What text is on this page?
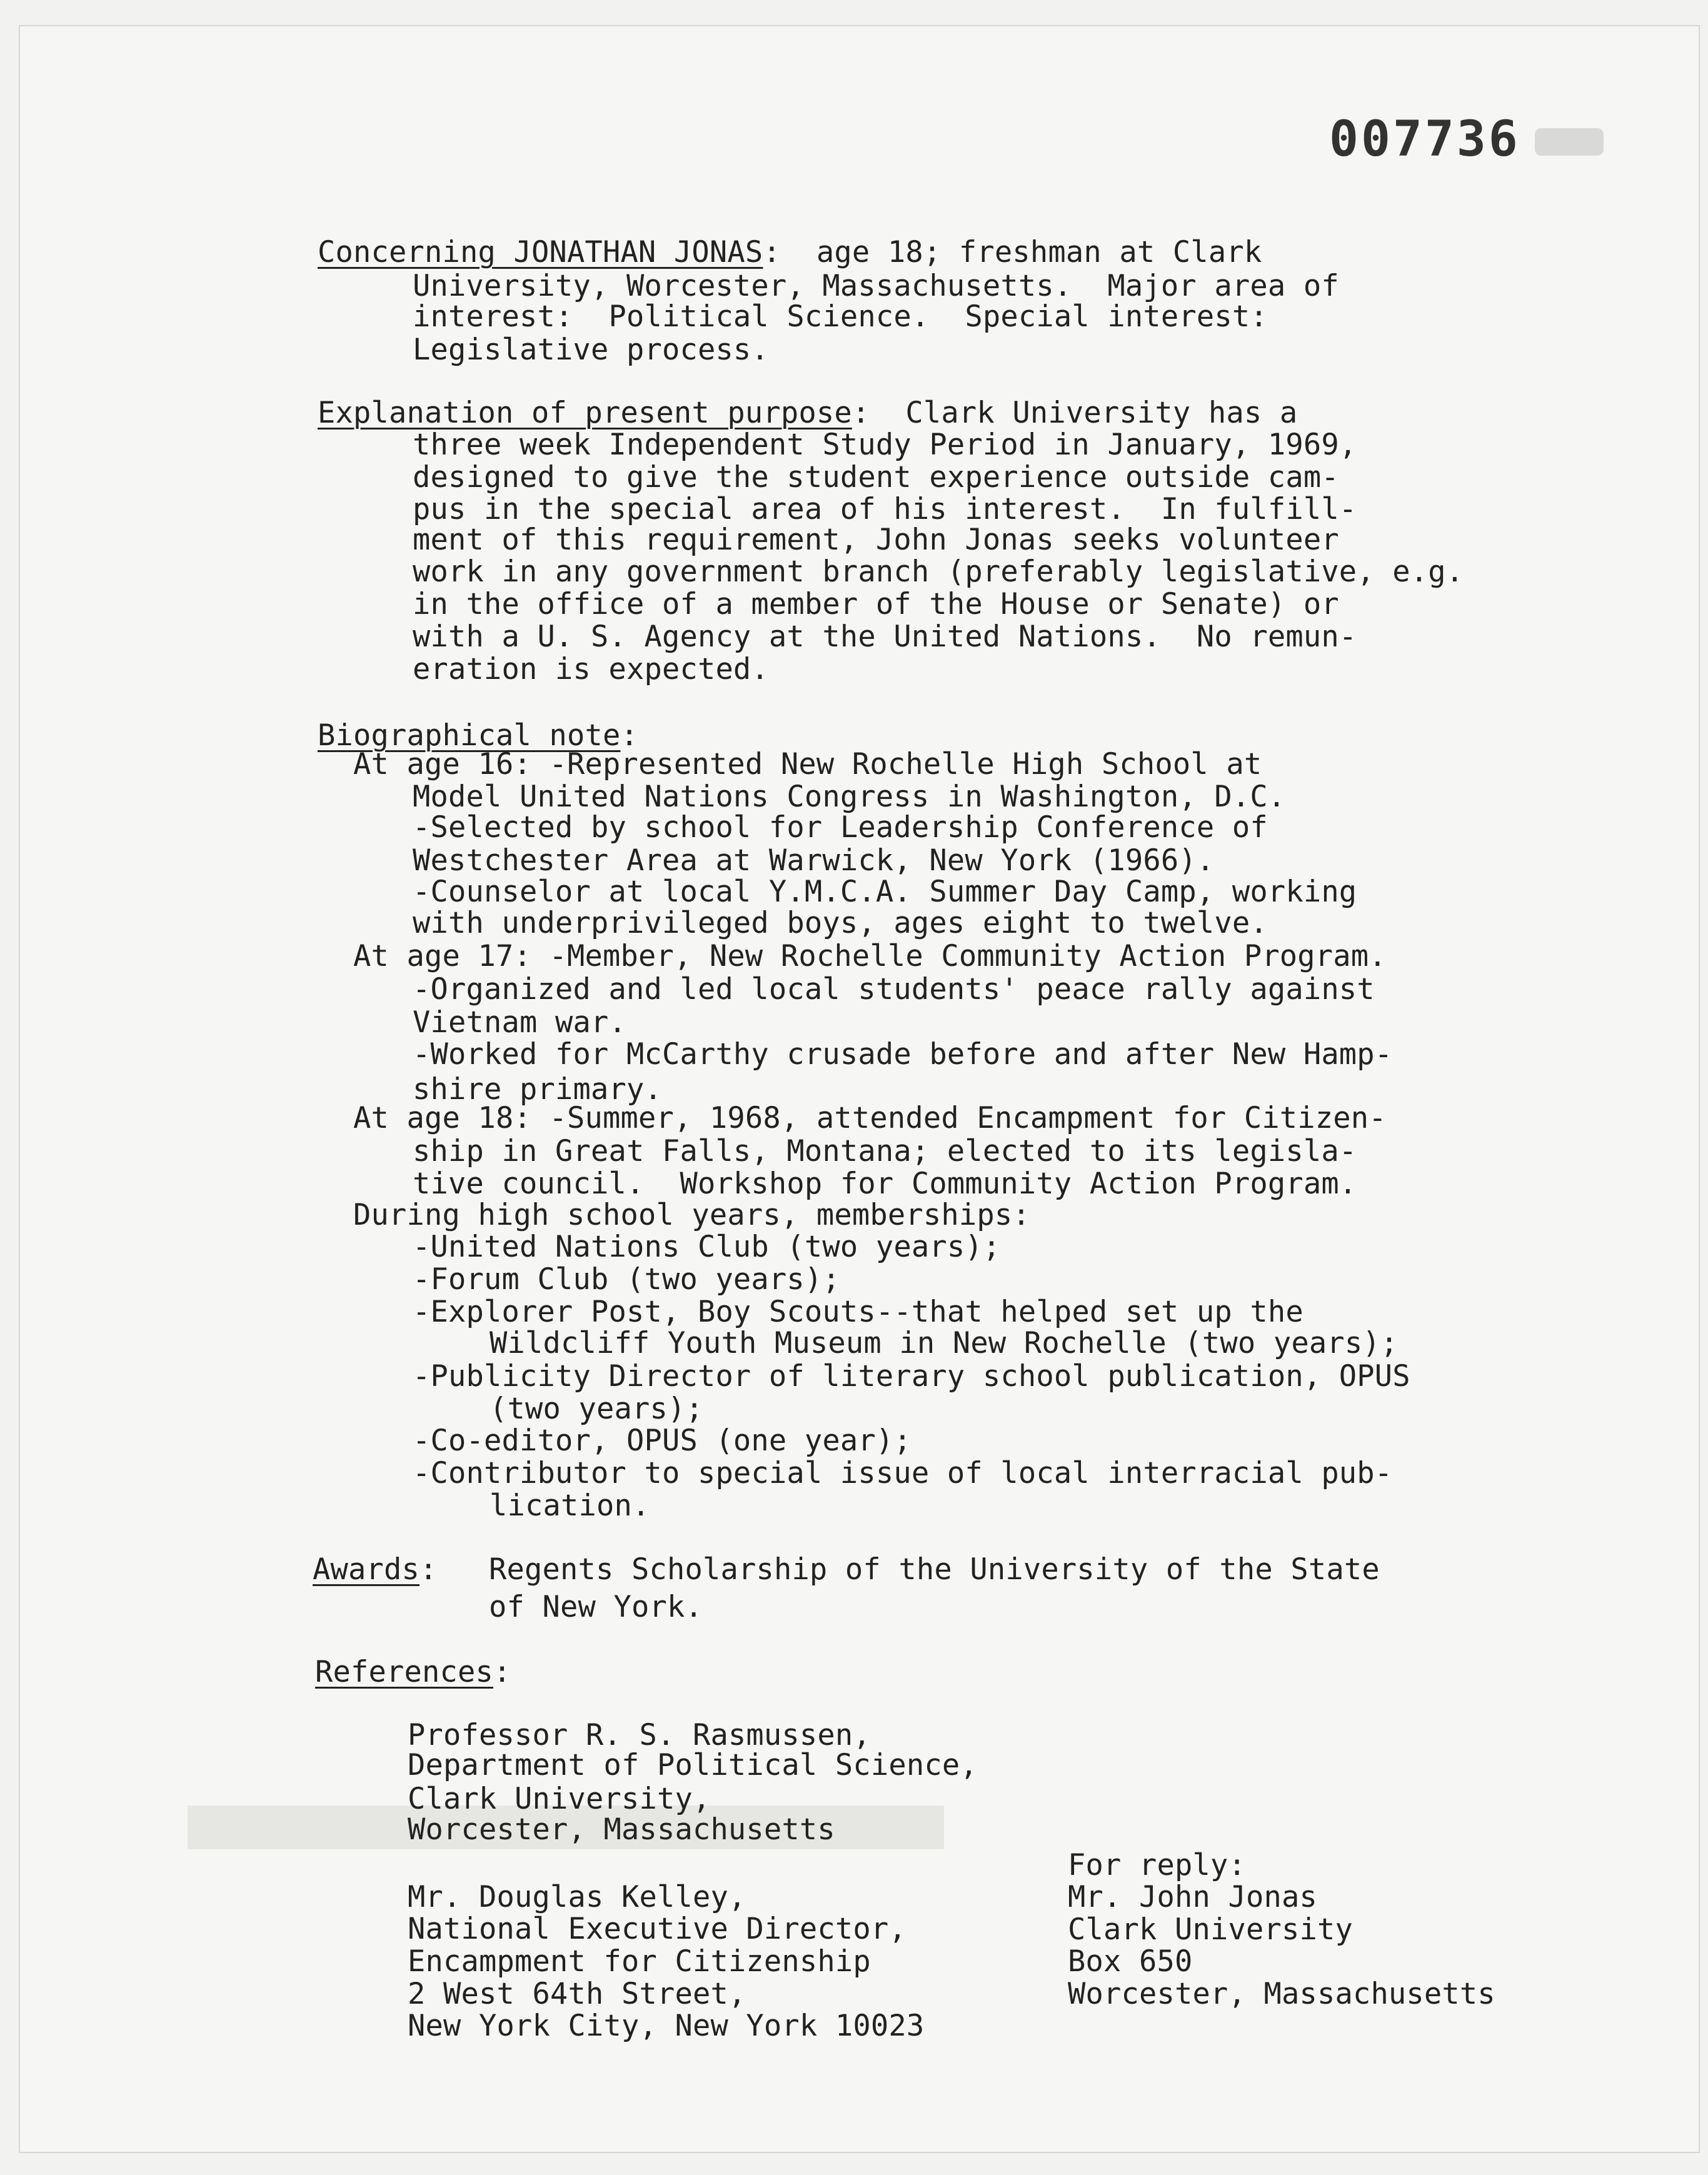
007736
Concerning JONATHAN JONAS:  age 18; freshman at Clark
University, Worcester, Massachusetts.  Major area of
interest:  Political Science.  Special interest:
Legislative process.
Explanation of present purpose:  Clark University has a
three week Independent Study Period in January, 1969,
designed to give the student experience outside cam-
pus in the special area of his interest.  In fulfill-
ment of this requirement, John Jonas seeks volunteer
work in any government branch (preferably legislative, e.g.
in the office of a member of the House or Senate) or
with a U. S. Agency at the United Nations.  No remun-
eration is expected.
Biographical note:
At age 16: -Represented New Rochelle High School at
Model United Nations Congress in Washington, D.C.
-Selected by school for Leadership Conference of
Westchester Area at Warwick, New York (1966).
-Counselor at local Y.M.C.A. Summer Day Camp, working
with underprivileged boys, ages eight to twelve.
At age 17: -Member, New Rochelle Community Action Program.
-Organized and led local students' peace rally against
Vietnam war.
-Worked for McCarthy crusade before and after New Hamp-
shire primary.
At age 18: -Summer, 1968, attended Encampment for Citizen-
ship in Great Falls, Montana; elected to its legisla-
tive council.  Workshop for Community Action Program.
During high school years, memberships:
-United Nations Club (two years);
-Forum Club (two years);
-Explorer Post, Boy Scouts--that helped set up the
Wildcliff Youth Museum in New Rochelle (two years);
-Publicity Director of literary school publication, OPUS
(two years);
-Co-editor, OPUS (one year);
-Contributor to special issue of local interracial pub-
lication.
Awards: Regents Scholarship of the University of the State
of New York.
References:
Professor R. S. Rasmussen,
Department of Political Science,
Clark University,
Worcester, Massachusetts
Mr. Douglas Kelley,
National Executive Director,
Encampment for Citizenship
2 West 64th Street,
New York City, New York 10023
For reply:
Mr. John Jonas
Clark University
Box 650
Worcester, Massachusetts
